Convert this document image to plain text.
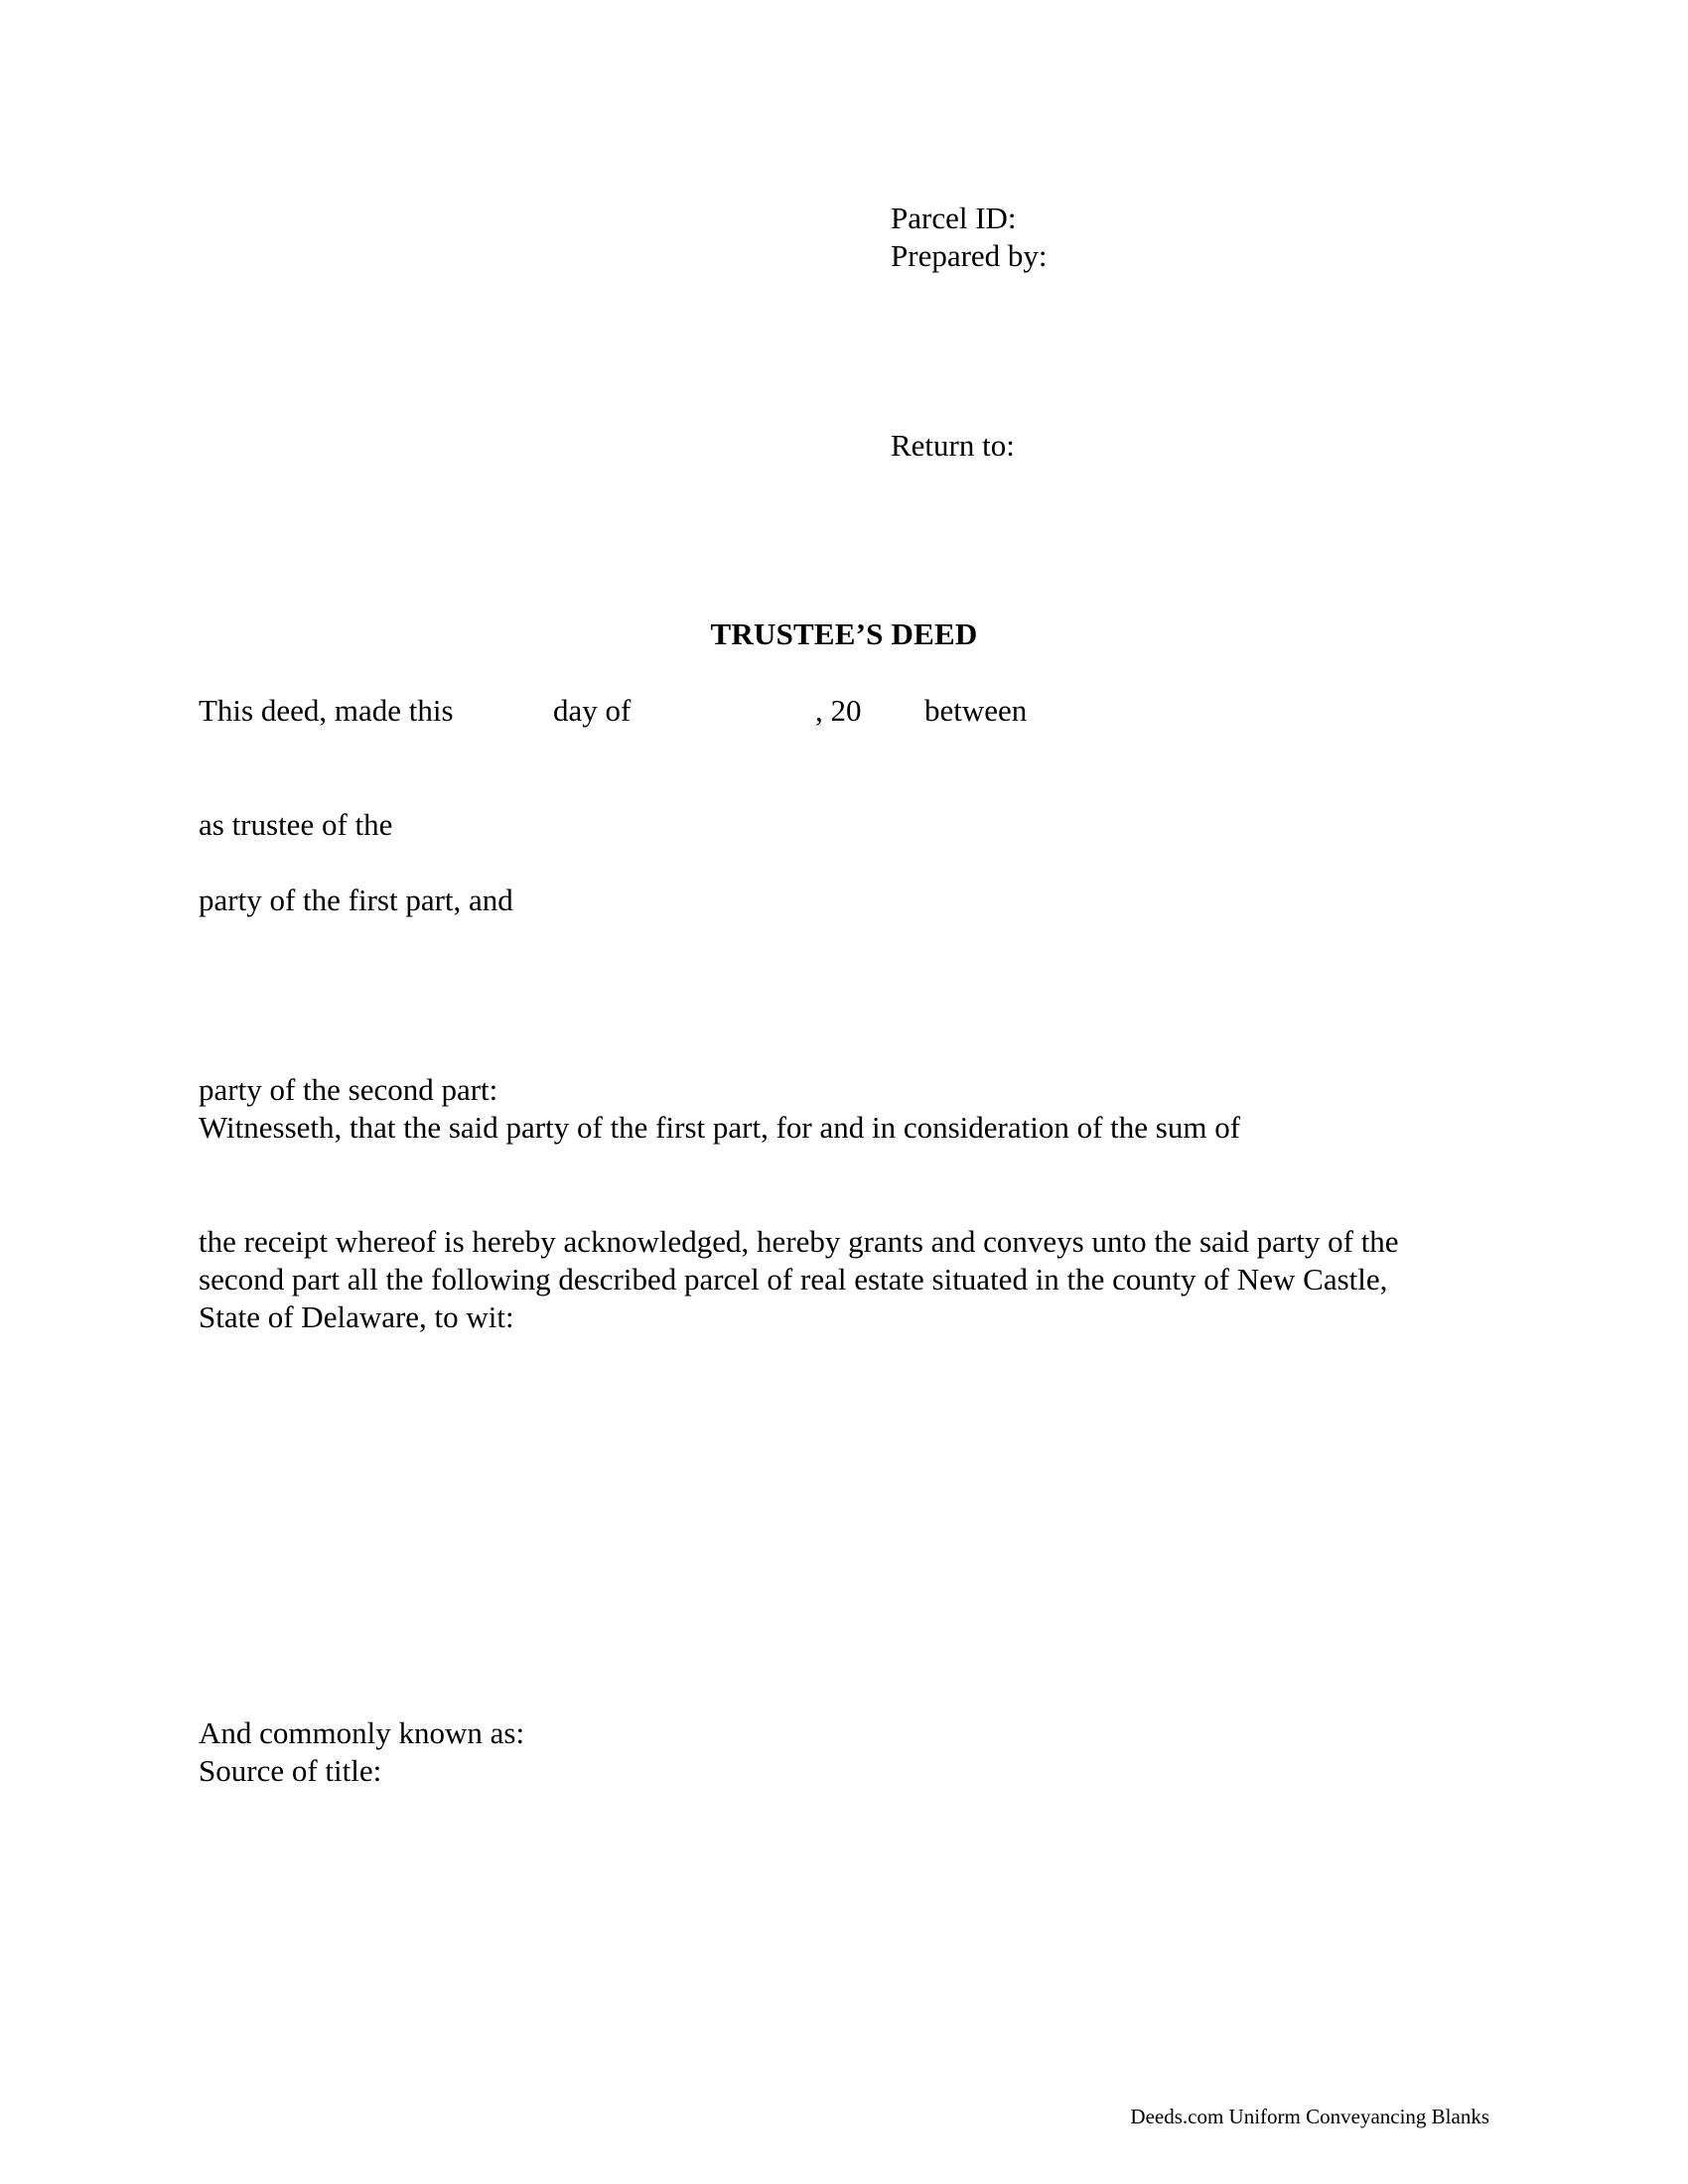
Parcel ID:

Prepared by:

Return to:

TRUSTEE’S DEED

This deed, made this	day of	, 20 between

as trustee of the

party of the first part, and

party of the second part:

Witnesseth, that the said party of the first part, for and in consideration of the sum of

the receipt whereof is hereby acknowledged, hereby grants and conveys unto the said party of the

second part all the following described parcel of real estate situated in the county of New Castle,

State of Delaware, to wit:

And commonly known as:

Source of title:

Deeds.com Uniform Conveyancing Blanks
